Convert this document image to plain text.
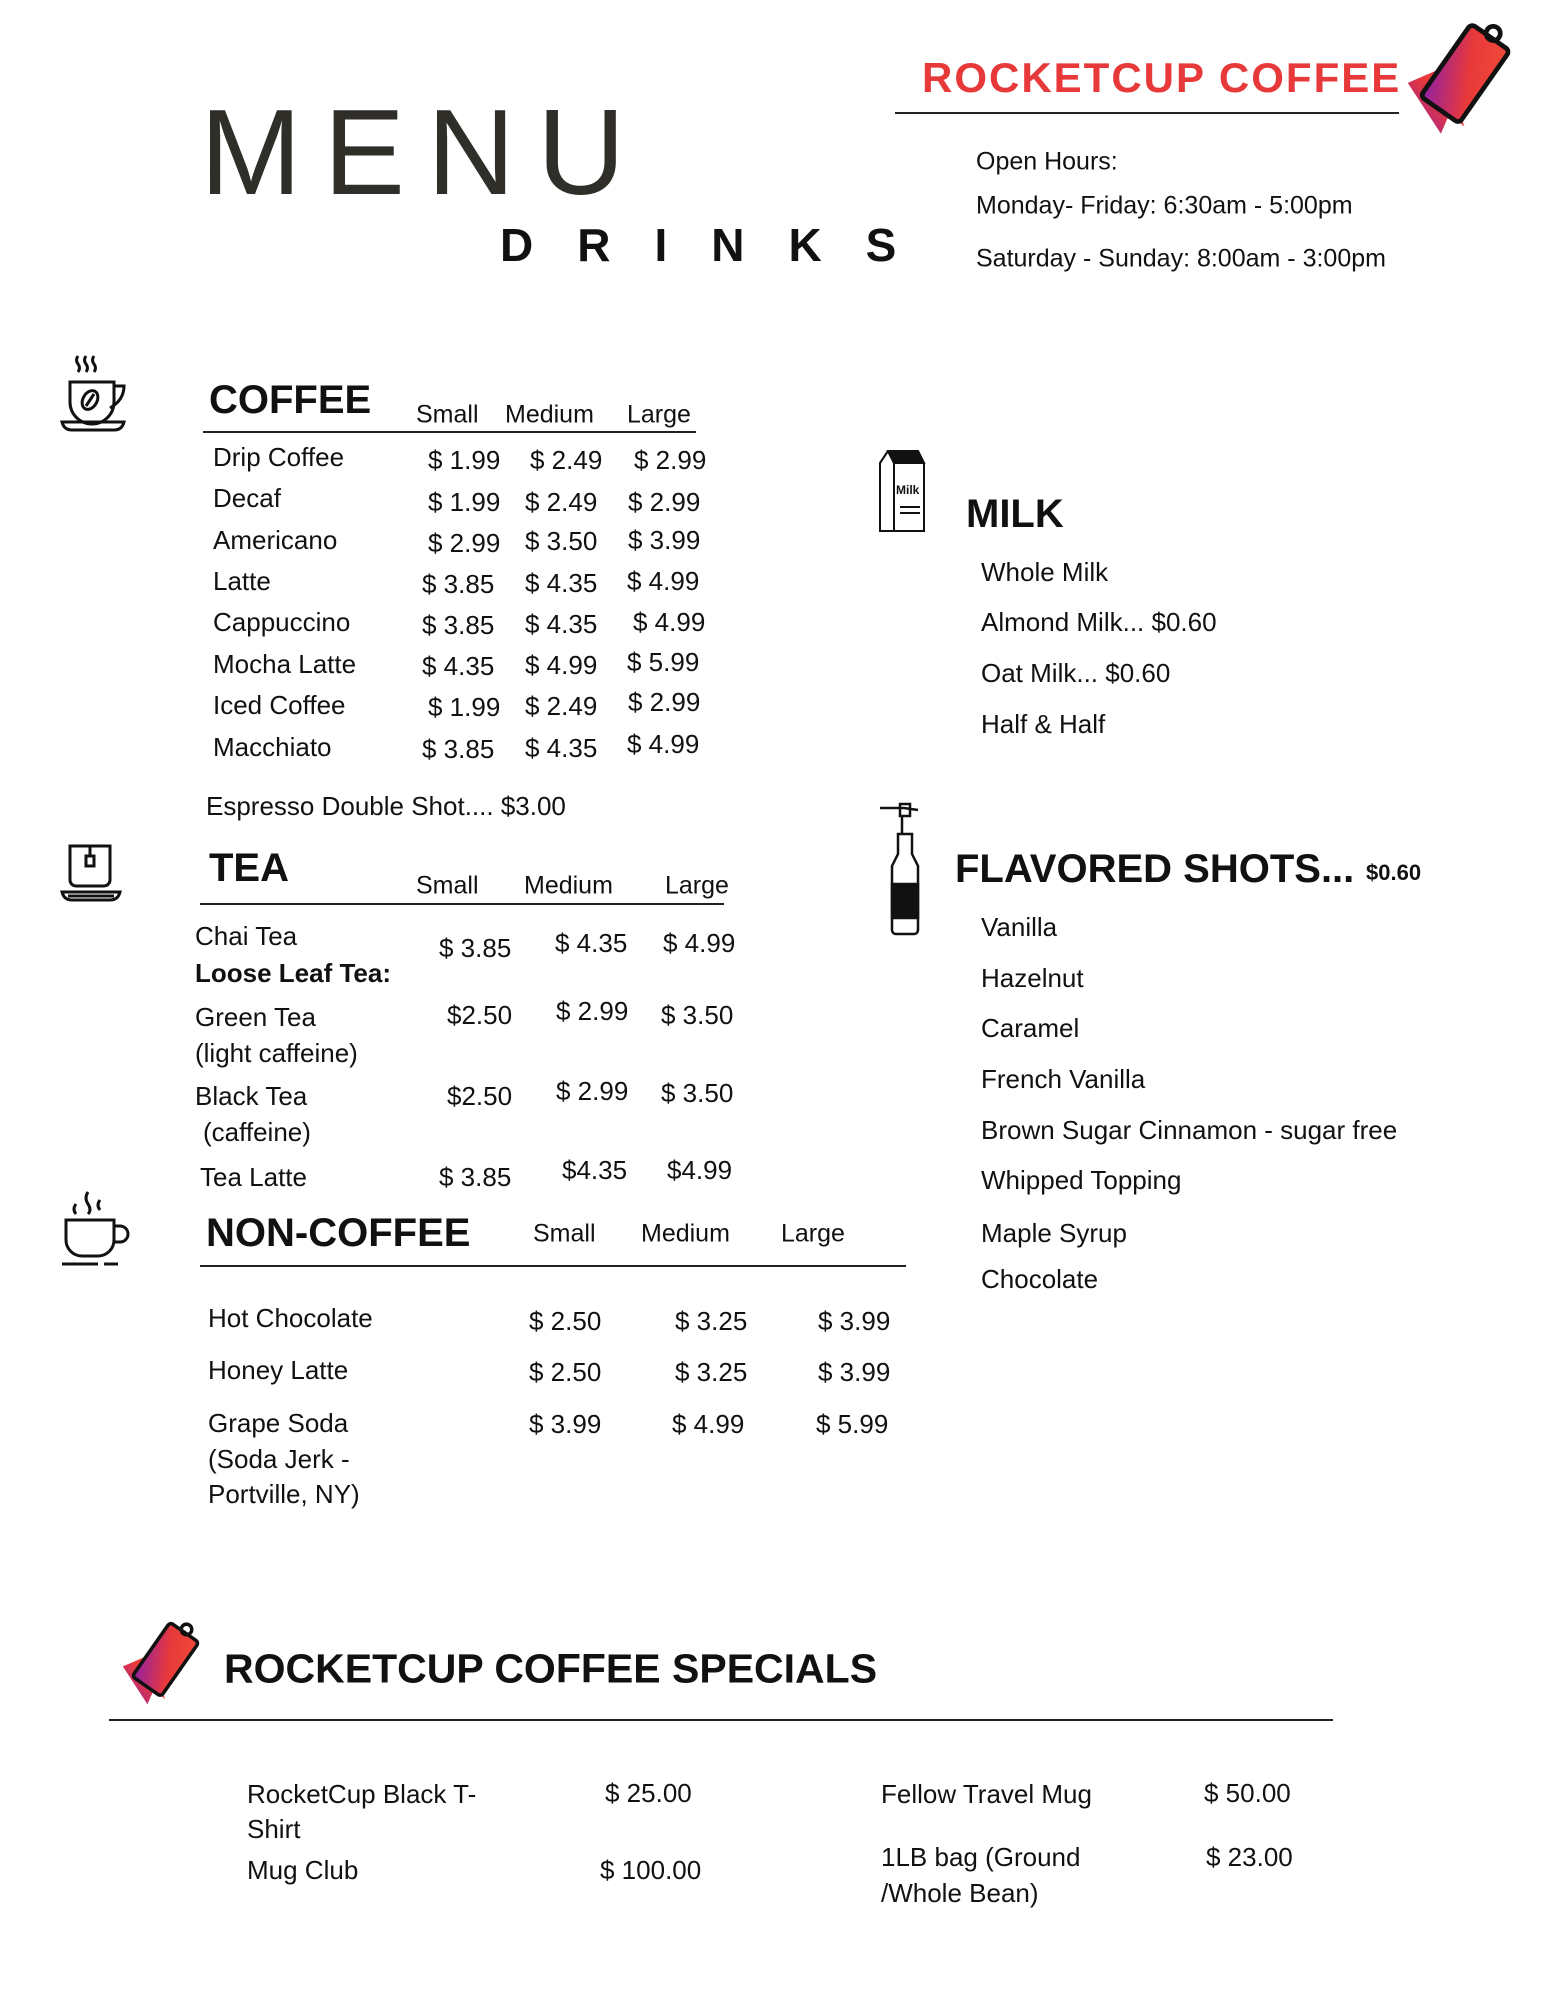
MENU
DRINKS
ROCKETCUP COFFEE
Open Hours:
Monday- Friday: 6:30am - 5:00pm
Saturday - Sunday: 8:00am - 3:00pm
COFFEE Small Medium Large
Drip Coffee	$ 1.99 $ 2.49 $ 2.99
Decaf	$ 1.99 $ 2.49 $ 2.99
Americano	$ 2.99 $ 3.50 $ 3.99
Latte	$ 3.85 $ 4.35 $ 4.99
Cappuccino	$ 3.85 $ 4.35 $ 4.99
Mocha Latte	$ 4.35 $ 4.99 $ 5.99
Iced Coffee	$ 1.99 $ 2.49 $ 2.99
Macchiato	$ 3.85 $ 4.35 $ 4.99
Espresso Double Shot.... $3.00
TEA	Small Medium Large
Chai Tea	$ 3.85 $ 4.35 $ 4.99
Loose Leaf Tea:
Green Tea
(light caffeine)
$2.50 $ 2.99 $ 3.50
Black Tea
(caffeine)
$2.50 $ 2.99 $ 3.50
Tea Latte	$ 3.85 $4.35 $4.99
NON-COFFEE	Small Medium Large
Hot Chocolate	$ 2.50	$ 3.25	$ 3.99
Honey Latte	$ 2.50	$ 3.25	$ 3.99
Grape Soda
(Soda Jerk -
Portville, NY)
$ 3.99	$ 4.99	$ 5.99
Milk
MILK
Whole Milk
Almond Milk... $0.60
Oat Milk... $0.60
Half & Half
FLAVORED SHOTS... $0.60
Vanilla
Hazelnut
Caramel
French Vanilla
Brown Sugar Cinnamon - sugar free
Whipped Topping
Maple Syrup
Chocolate
ROCKETCUP COFFEE SPECIALS
RocketCup Black T-
Shirt
$ 25.00
Mug Club	$ 100.00
Fellow Travel Mug	$ 50.00
1LB bag (Ground
/Whole Bean)
$ 23.00
